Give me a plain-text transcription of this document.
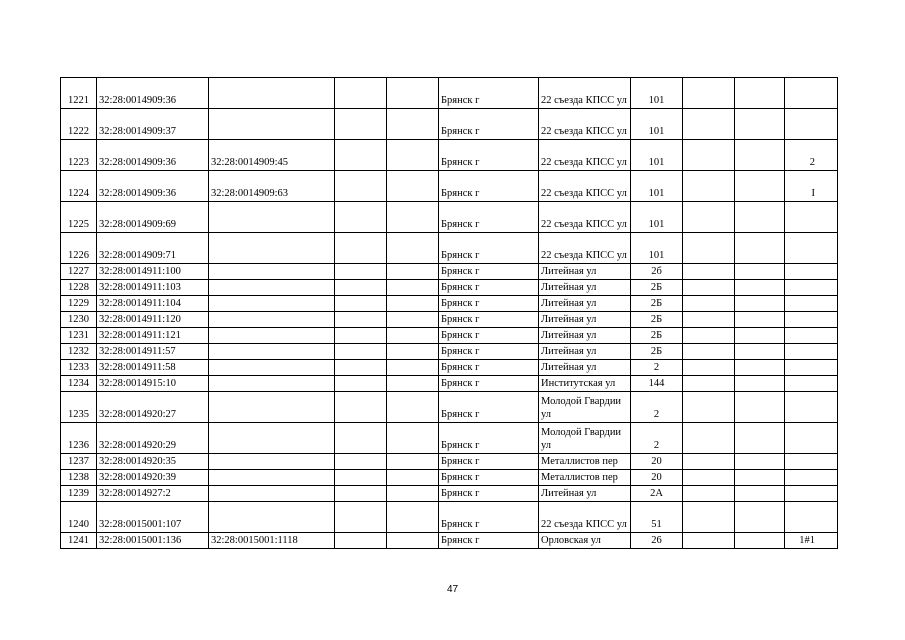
1221	32:28:0014909:36				Брянск г	22 съезда КПСС ул	101			
1222	32:28:0014909:37				Брянск г	22 съезда КПСС ул	101			
1223	32:28:0014909:36	32:28:0014909:45			Брянск г	22 съезда КПСС ул	101			2
1224	32:28:0014909:36	32:28:0014909:63			Брянск г	22 съезда КПСС ул	101			I
1225	32:28:0014909:69				Брянск г	22 съезда КПСС ул	101			
1226	32:28:0014909:71				Брянск г	22 съезда КПСС ул	101			
1227	32:28:0014911:100				Брянск г	Литейная ул	2б			
1228	32:28:0014911:103				Брянск г	Литейная ул	2Б			
1229	32:28:0014911:104				Брянск г	Литейная ул	2Б			
1230	32:28:0014911:120				Брянск г	Литейная ул	2Б			
1231	32:28:0014911:121				Брянск г	Литейная ул	2Б			
1232	32:28:0014911:57				Брянск г	Литейная ул	2Б			
1233	32:28:0014911:58				Брянск г	Литейная ул	2			
1234	32:28:0014915:10				Брянск г	Институтская ул	144			
1235	32:28:0014920:27				Брянск г	Молодой Гвардии ул	2			
1236	32:28:0014920:29				Брянск г	Молодой Гвардии ул	2			
1237	32:28:0014920:35				Брянск г	Металлистов пер	20			
1238	32:28:0014920:39				Брянск г	Металлистов пер	20			
1239	32:28:0014927:2				Брянск г	Литейная ул	2А			
1240	32:28:0015001:107				Брянск г	22 съезда КПСС ул	51			
1241	32:28:0015001:136	32:28:0015001:1118			Брянск г	Орловская ул	26			1#1
47
